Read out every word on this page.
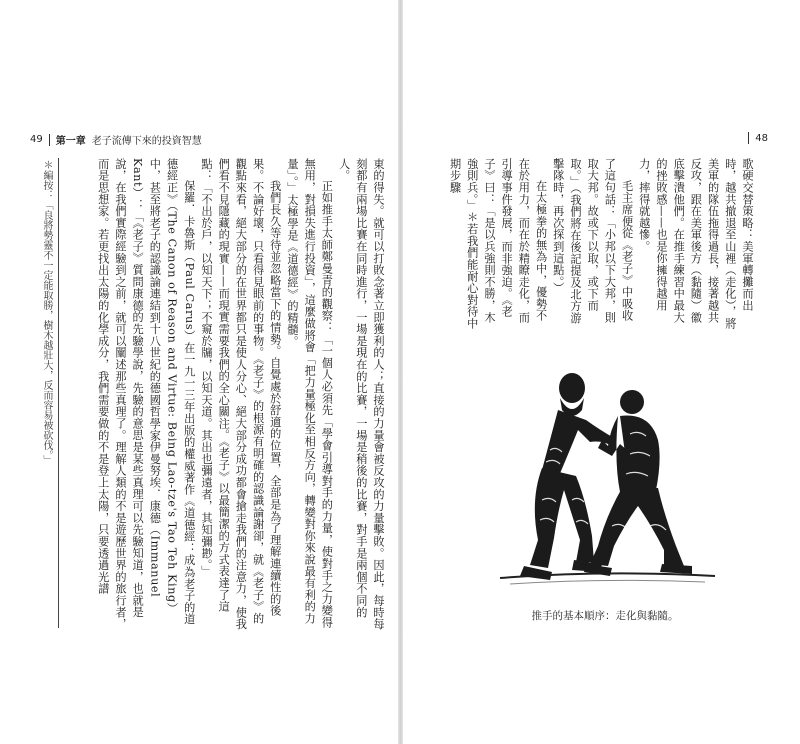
49 第一章 老子流傳下來的投資智慧	48

東的得失。就可以打敗念著立即獲利的人；直接的力量會被反攻的力量擊敗。因此，每時每刻都有兩場比賽在同時進行，一場是現在的比賽，一場是稍後的比賽，對手是兩個不同的人。

正如推手太師鄭曼青的觀察：「一個人必須先「學會引導對手的力量，使對手之力變得無用，對損失進行投資」，這麼做將會「把力量極化至相反方向，轉變對你來說最有利的力量」。」太極學是《道德經》的精髓。

我們長久等待並忽略當下的情勢。自覺處於舒適的位置，全部是為了理解連續性的後果。不論好壞，只看得見眼前的事物。《老子》的根源有明確的認識論謝卻，就《老子》的觀點來看，絕大部分的在世界都只是使人分心、絕大部分成功都會搶走我們的注意力，使我們看不見隱藏的現實——而現實需要我們的全心關注。《老子》以最簡潔的方式表達了這點：「不出於戶，以知天下；不窺於牖，以知天道。其出也彌遠者，其知彌尠。」

保羅．卡魯斯（Paul Carus）在一九一三年出版的權威著作《道德經：成為老子的道德經正》（The Canon of Reason and Virtue: Being Lao-tze's Tao Teh King）中，甚至將老子的認識論連結到十八世紀的德國哲學家伊曼努埃．康德（Immanuel Kant）：「《老子》質問康德的先驗學說，先驗的意思是某些真理可以先驗知道，也就是說，在我們實際經驗到之前，就可以闡述那些真理了。理解人類的不是遊歷世界的旅行者，而是思想家。若更找出太陽的化學成分，我們需要做的不是登上太陽，只要透過光譜

＊編按：「良將勢靈不一定能取勝，樹木越壯大，反而容易被砍伐。」	歌硬交替策略：美軍轉攤而出時，越共撤退至山裡（走化），將美軍的隊伍拖得過長，接著越共反攻，跟在美軍後方（黏隨）徽底擊潰他們。在推手練習中最大的挫敗感——也是你擁得越用力，摔得就越慘。

毛主席便從《老子》中吸收了這句話：「小邦以下大邦，則取大邦。故或下以取，或下而取。」（我們將在後記提及北方游擊隊時，再次探到這點。）

在太極拳的無為中，優勢不在於用力，而在於精瞭走化，而引導事件發展，而非強迫。《老子》曰：「是以兵強則不勝，木強則兵。」＊若我們能耐心對待中期步驟

推手的基本順序：走化與黏隨。
